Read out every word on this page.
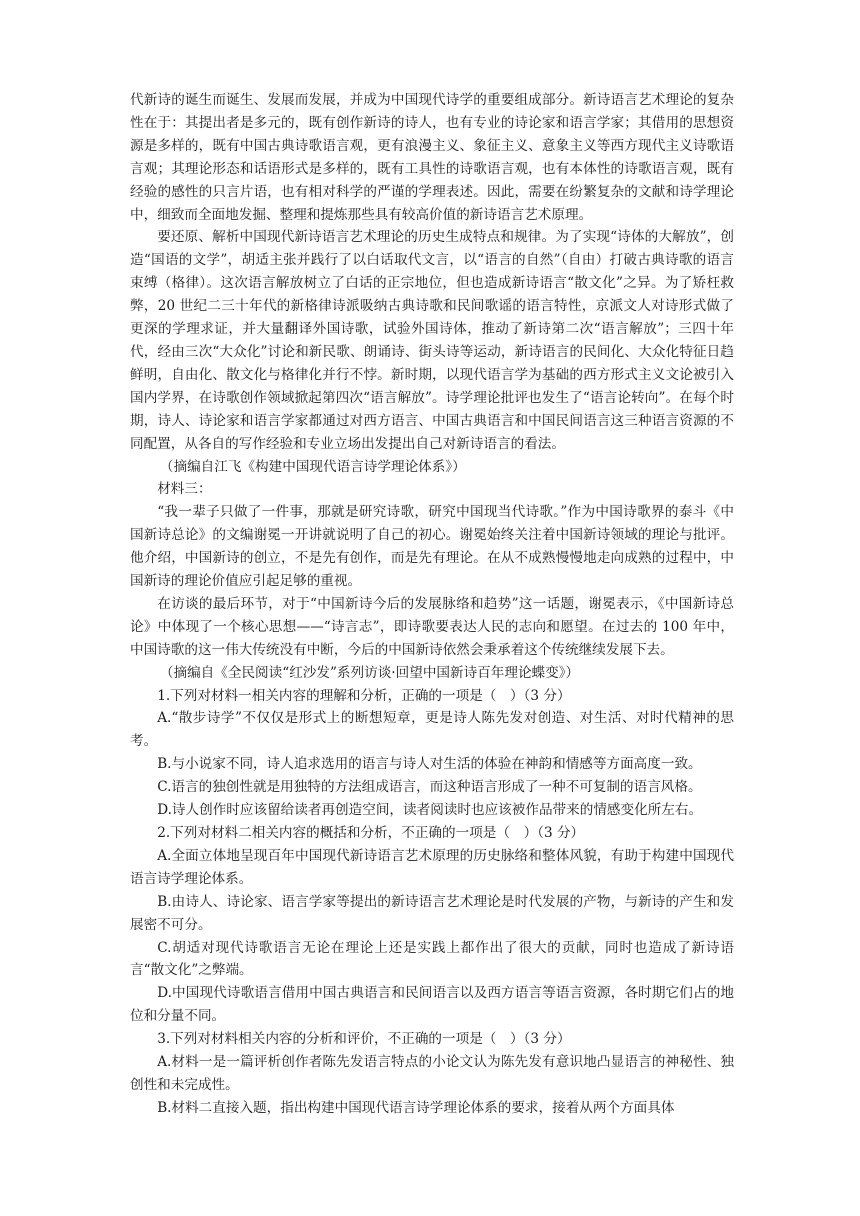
代新诗的诞生而诞生、发展而发展，并成为中国现代诗学的重要组成部分。新诗语言艺术理论的复杂性在于：其提出者是多元的，既有创作新诗的诗人，也有专业的诗论家和语言学家；其借用的思想资源是多样的，既有中国古典诗歌语言观，更有浪漫主义、象征主义、意象主义等西方现代主义诗歌语言观；其理论形态和话语形式是多样的，既有工具性的诗歌语言观，也有本体性的诗歌语言观，既有经验的感性的只言片语，也有相对科学的严谨的学理表述。因此，需要在纷繁复杂的文献和诗学理论中，细致而全面地发掘、整理和提炼那些具有较高价值的新诗语言艺术原理。

要还原、解析中国现代新诗语言艺术理论的历史生成特点和规律。为了实现“诗体的大解放”，创造“国语的文学”，胡适主张并践行了以白话取代文言，以“语言的自然”（自由）打破古典诗歌的语言束缚（格律）。这次语言解放树立了白话的正宗地位，但也造成新诗语言“散文化”之异。为了矫枉救弊，20 世纪二三十年代的新格律诗派吸纳古典诗歌和民间歌谣的语言特性，京派文人对诗形式做了更深的学理求证，并大量翻译外国诗歌，试验外国诗体，推动了新诗第二次“语言解放”；三四十年代，经由三次“大众化”讨论和新民歌、朗诵诗、街头诗等运动，新诗语言的民间化、大众化特征日趋鲜明，自由化、散文化与格律化并行不悖。新时期，以现代语言学为基础的西方形式主义文论被引入国内学界，在诗歌创作领域掀起第四次“语言解放”。诗学理论批评也发生了“语言论转向”。在每个时期，诗人、诗论家和语言学家都通过对西方语言、中国古典语言和中国民间语言这三种语言资源的不同配置，从各自的写作经验和专业立场出发提出自己对新诗语言的看法。

（摘编自江飞《构建中国现代语言诗学理论体系》）

材料三：

“我一辈子只做了一件事，那就是研究诗歌，研究中国现当代诗歌。”作为中国诗歌界的泰斗《中国新诗总论》的文编谢冕一开讲就说明了自己的初心。谢冕始终关注着中国新诗领域的理论与批评。他介绍，中国新诗的创立，不是先有创作，而是先有理论。在从不成熟慢慢地走向成熟的过程中，中国新诗的理论价值应引起足够的重视。

在访谈的最后环节，对于“中国新诗今后的发展脉络和趋势”这一话题，谢冕表示，《中国新诗总论》中体现了一个核心思想——“诗言志”，即诗歌要表达人民的志向和愿望。在过去的 100 年中，中国诗歌的这一伟大传统没有中断，今后的中国新诗依然会秉承着这个传统继续发展下去。

（摘编自《全民阅读“红沙发”系列访谈·回望中国新诗百年理论蝶变》）

1.下列对材料一相关内容的理解和分析，正确的一项是（　）（3 分）

A.“散步诗学”不仅仅是形式上的断想短章，更是诗人陈先发对创造、对生活、对时代精神的思考。

B.与小说家不同，诗人追求选用的语言与诗人对生活的体验在神韵和情感等方面高度一致。

C.语言的独创性就是用独特的方法组成语言，而这种语言形成了一种不可复制的语言风格。

D.诗人创作时应该留给读者再创造空间，读者阅读时也应该被作品带来的情感变化所左右。

2.下列对材料二相关内容的概括和分析，不正确的一项是（　）（3 分）

A.全面立体地呈现百年中国现代新诗语言艺术原理的历史脉络和整体风貌，有助于构建中国现代语言诗学理论体系。

B.由诗人、诗论家、语言学家等提出的新诗语言艺术理论是时代发展的产物，与新诗的产生和发展密不可分。

C.胡适对现代诗歌语言无论在理论上还是实践上都作出了很大的贡献，同时也造成了新诗语言“散文化”之弊端。

D.中国现代诗歌语言借用中国古典语言和民间语言以及西方语言等语言资源，各时期它们占的地位和分量不同。

3.下列对材料相关内容的分析和评价，不正确的一项是（　）（3 分）

A.材料一是一篇评析创作者陈先发语言特点的小论文认为陈先发有意识地凸显语言的神秘性、独创性和未完成性。

B.材料二直接入题，指出构建中国现代语言诗学理论体系的要求，接着从两个方面具体
